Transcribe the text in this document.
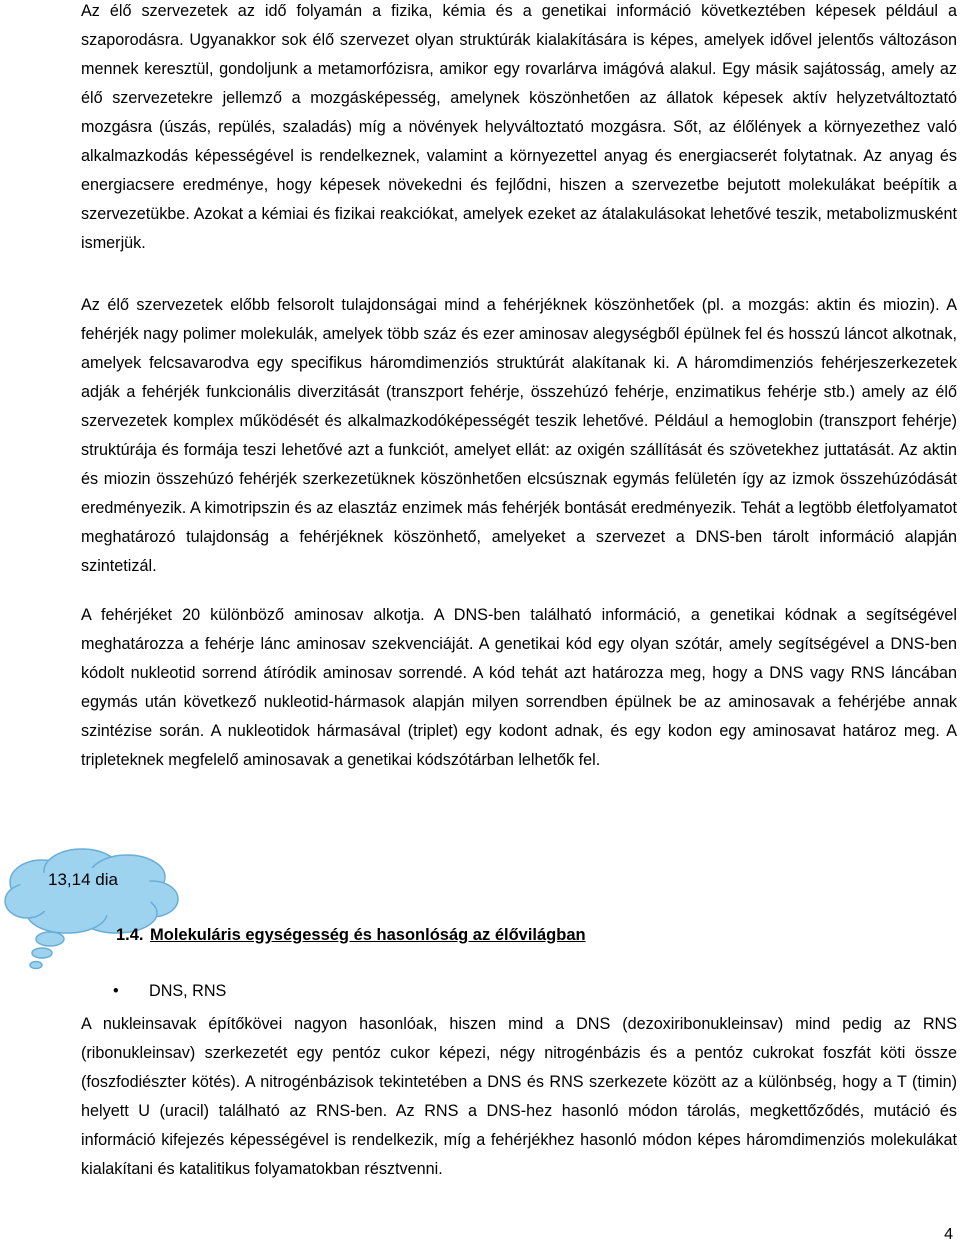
Az élő szervezetek az idő folyamán a fizika, kémia és a genetikai információ következtében képesek például a szaporodásra. Ugyanakkor sok élő szervezet olyan struktúrák kialakítására is képes, amelyek idővel jelentős változáson mennek keresztül, gondoljunk a metamorfózisra, amikor egy rovarlárva imágóvá alakul. Egy másik sajátosság, amely az élő szervezetekre jellemző a mozgásképesség, amelynek köszönhetően az állatok képesek aktív helyzetváltoztató mozgásra (úszás, repülés, szaladás) míg a növények helyváltoztató mozgásra. Sőt, az élőlények a környezethez való alkalmazkodás képességével is rendelkeznek, valamint a környezettel anyag és energiacserét folytatnak. Az anyag és energiacsere eredménye, hogy képesek növekedni és fejlődni, hiszen a szervezetbe bejutott molekulákat beépítik a szervezetükbe. Azokat a kémiai és fizikai reakciókat, amelyek ezeket az átalakulásokat lehetővé teszik, metabolizmusként ismerjük.

Az élő szervezetek előbb felsorolt tulajdonságai mind a fehérjéknek köszönhetőek (pl. a mozgás: aktin és miozin). A fehérjék nagy polimer molekulák, amelyek több száz és ezer aminosav alegységből épülnek fel és hosszú láncot alkotnak, amelyek felcsavarodva egy specifikus háromdimenziós struktúrát alakítanak ki. A háromdimenziós fehérjeszerkezetek adják a fehérjék funkcionális diverzitását (transzport fehérje, összehúzó fehérje, enzimatikus fehérje stb.) amely az élő szervezetek komplex működését és alkalmazkodóképességét teszik lehetővé. Például a hemoglobin (transzport fehérje) struktúrája és formája teszi lehetővé azt a funkciót, amelyet ellát: az oxigén szállítását és szövetekhez juttatását. Az aktin és miozin összehúzó fehérjék szerkezetüknek köszönhetően elcsúsznak egymás felületén így az izmok összehúzódását eredményezik. A kimotripszin és az elasztáz enzimek más fehérjék bontását eredményezik. Tehát a legtöbb életfolyamatot meghatározó tulajdonság a fehérjéknek köszönhető, amelyeket a szervezet a DNS-ben tárolt információ alapján szintetizál.

A fehérjéket 20 különböző aminosav alkotja. A DNS-ben található információ, a genetikai kódnak a segítségével meghatározza a fehérje lánc aminosav szekvenciáját. A genetikai kód egy olyan szótár, amely segítségével a DNS-ben kódolt nukleotid sorrend átíródik aminosav sorrendé. A kód tehát azt határozza meg, hogy a DNS vagy RNS láncában egymás után következő nukleotid-hármasok alapján milyen sorrendben épülnek be az aminosavak a fehérjébe annak szintézise során. A nukleotidok hármasával (triplet) egy kodont adnak, és egy kodon egy aminosavat határoz meg. A tripleteknek megfelelő aminosavak a genetikai kódszótárban lelhetők fel.

13,14 dia
1.4. Molekuláris egységesség és hasonlóság az élővilágban
• DNS, RNS

A nukleinsavak építőkövei nagyon hasonlóak, hiszen mind a DNS (dezoxiribonukleinsav) mind pedig az RNS (ribonukleinsav) szerkezetét egy pentóz cukor képezi, négy nitrogénbázis és a pentóz cukrokat foszfát köti össze (foszfodiészter kötés). A nitrogénbázisok tekintetében a DNS és RNS szerkezete között az a különbség, hogy a T (timin) helyett U (uracil) található az RNS-ben. Az RNS a DNS-hez hasonló módon tárolás, megkettőződés, mutáció és információ kifejezés képességével is rendelkezik, míg a fehérjékhez hasonló módon képes háromdimenziós molekulákat kialakítani és katalitikus folyamatokban résztvenni.

4
